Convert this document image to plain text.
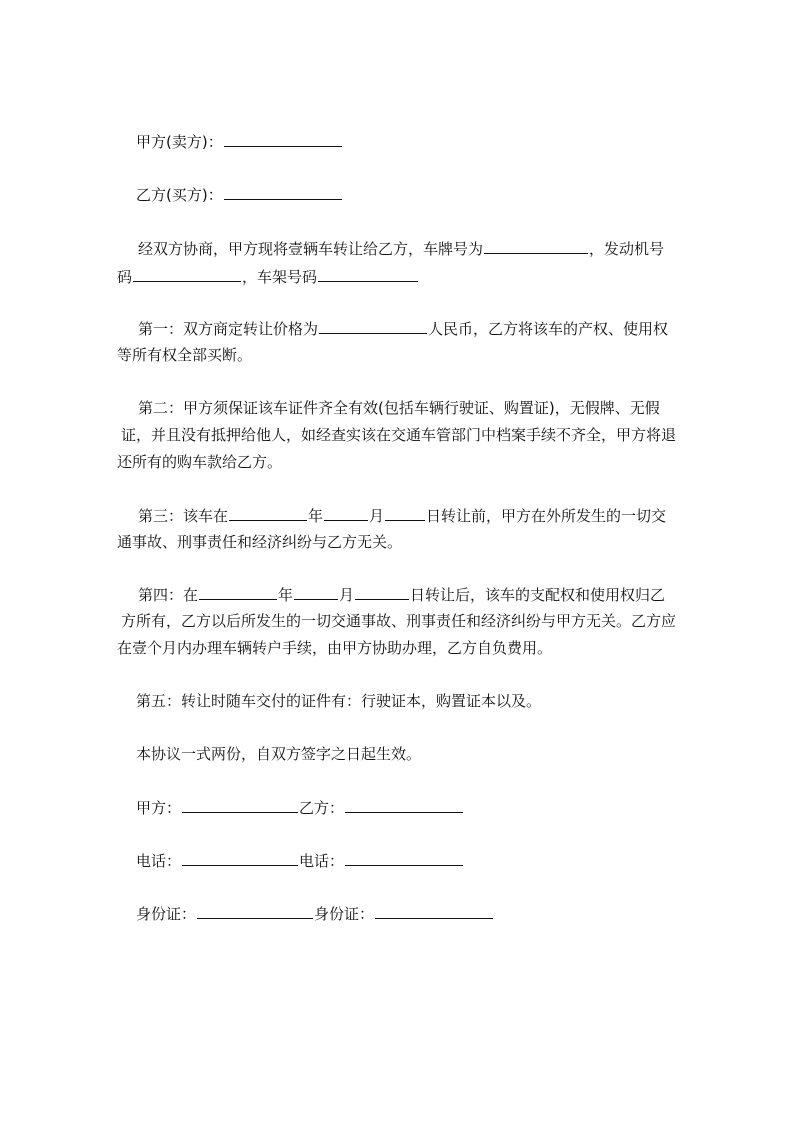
甲方(卖方)：
乙方(买方)：
经双方协商，甲方现将壹辆车转让给乙方，车牌号为	，发动机号
码	，车架号码
第一：双方商定转让价格为	人民币，乙方将该车的产权、使用权
等所有权全部买断。
第二：甲方须保证该车证件齐全有效(包括车辆行驶证、购置证)，无假牌、无假
证，并且没有抵押给他人，如经查实该在交通车管部门中档案手续不齐全，甲方将退
还所有的购车款给乙方。
第三：该车在	年	月	日转让前，甲方在外所发生的一切交
通事故、刑事责任和经济纠纷与乙方无关。
第四：在	年	月	日转让后，该车的支配权和使用权归乙
方所有，乙方以后所发生的一切交通事故、刑事责任和经济纠纷与甲方无关。乙方应
在壹个月内办理车辆转户手续，由甲方协助办理，乙方自负费用。
第五：转让时随车交付的证件有：行驶证本，购置证本以及。
本协议一式两份，自双方签字之日起生效。
甲方：	乙方：
电话：	电话：
身份证：	身份证：
